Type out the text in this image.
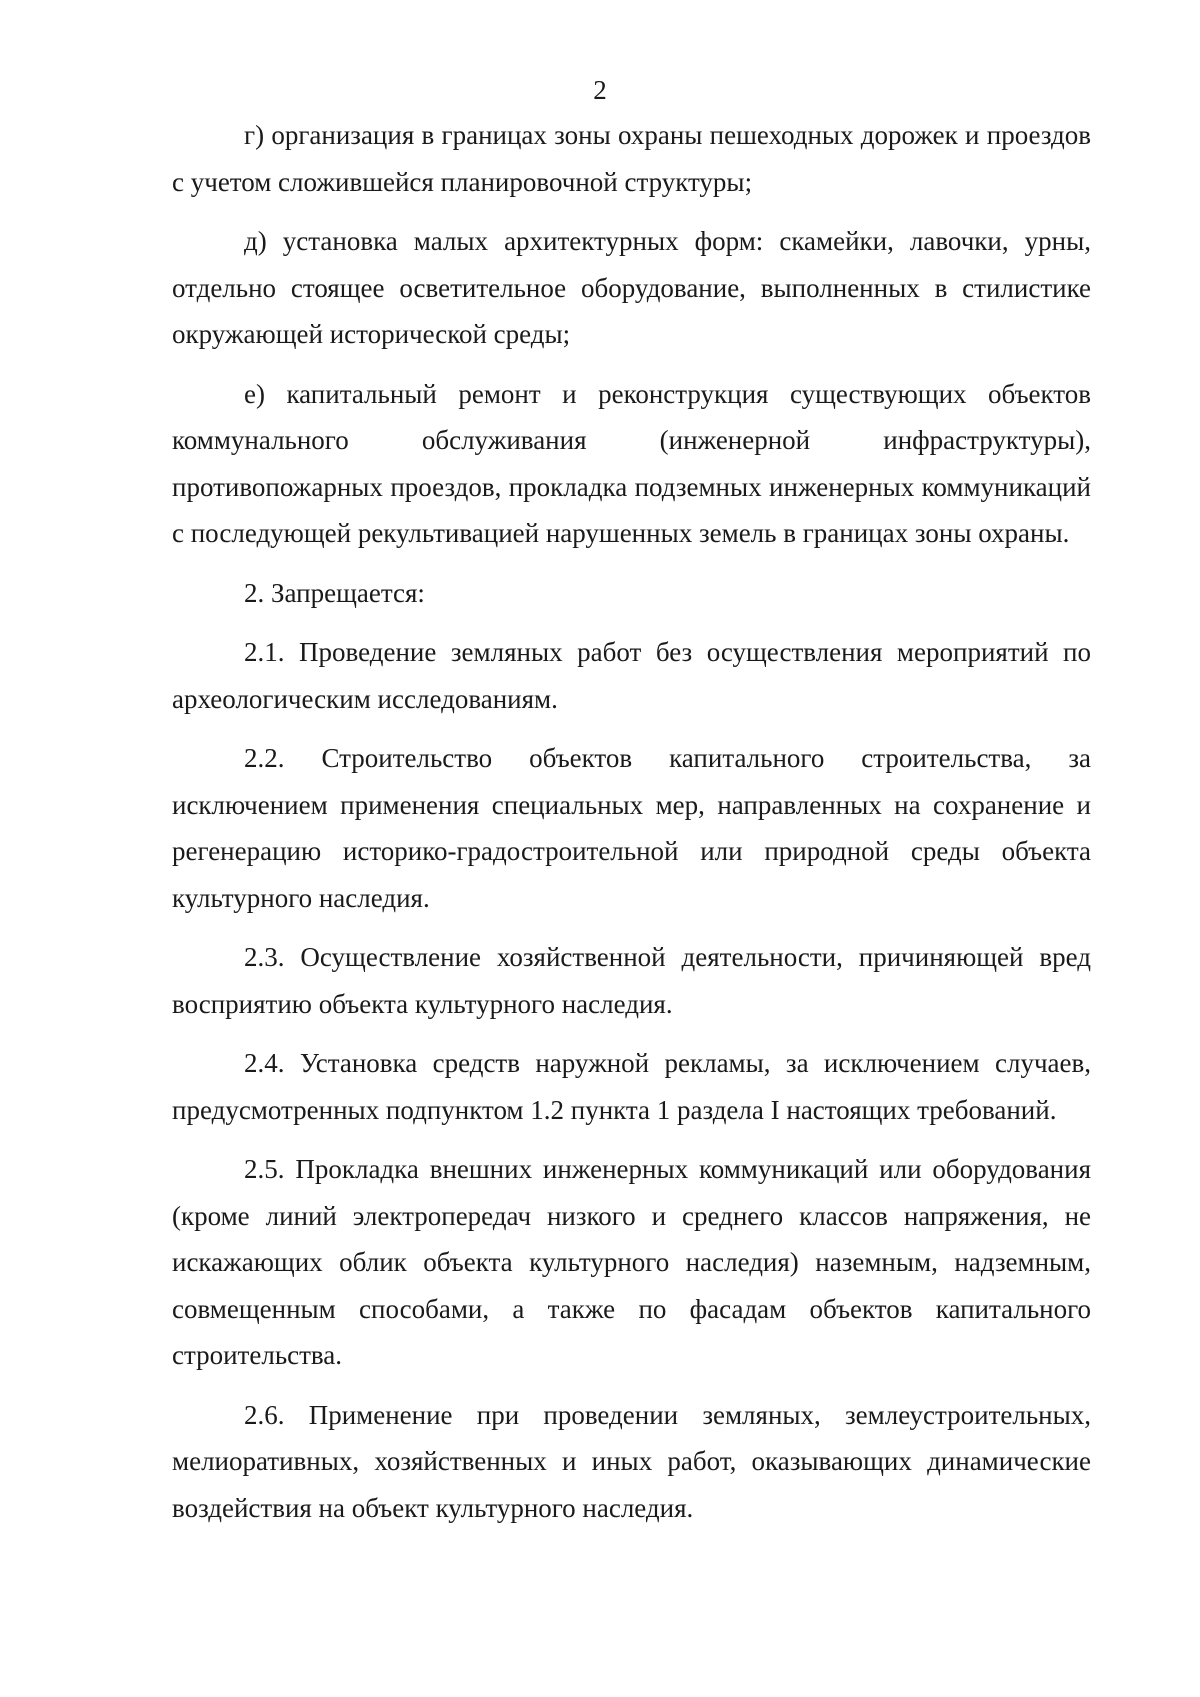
2

г) организация в границах зоны охраны пешеходных дорожек и проездов с учетом сложившейся планировочной структуры;

д) установка малых архитектурных форм: скамейки, лавочки, урны, отдельно стоящее осветительное оборудование, выполненных в стилистике окружающей исторической среды;

е) капитальный ремонт и реконструкция существующих объектов коммунального обслуживания (инженерной инфраструктуры), противопожарных проездов, прокладка подземных инженерных коммуникаций с последующей рекультивацией нарушенных земель в границах зоны охраны.

2. Запрещается:

2.1. Проведение земляных работ без осуществления мероприятий по археологическим исследованиям.

2.2. Строительство объектов капитального строительства, за исключением применения специальных мер, направленных на сохранение и регенерацию историко-градостроительной или природной среды объекта культурного наследия.

2.3. Осуществление хозяйственной деятельности, причиняющей вред восприятию объекта культурного наследия.

2.4. Установка средств наружной рекламы, за исключением случаев, предусмотренных подпунктом 1.2 пункта 1 раздела I настоящих требований.

2.5. Прокладка внешних инженерных коммуникаций или оборудования (кроме линий электропередач низкого и среднего классов напряжения, не искажающих облик объекта культурного наследия) наземным, надземным, совмещенным способами, а также по фасадам объектов капитального строительства.

2.6. Применение при проведении земляных, землеустроительных, мелиоративных, хозяйственных и иных работ, оказывающих динамические воздействия на объект культурного наследия.
